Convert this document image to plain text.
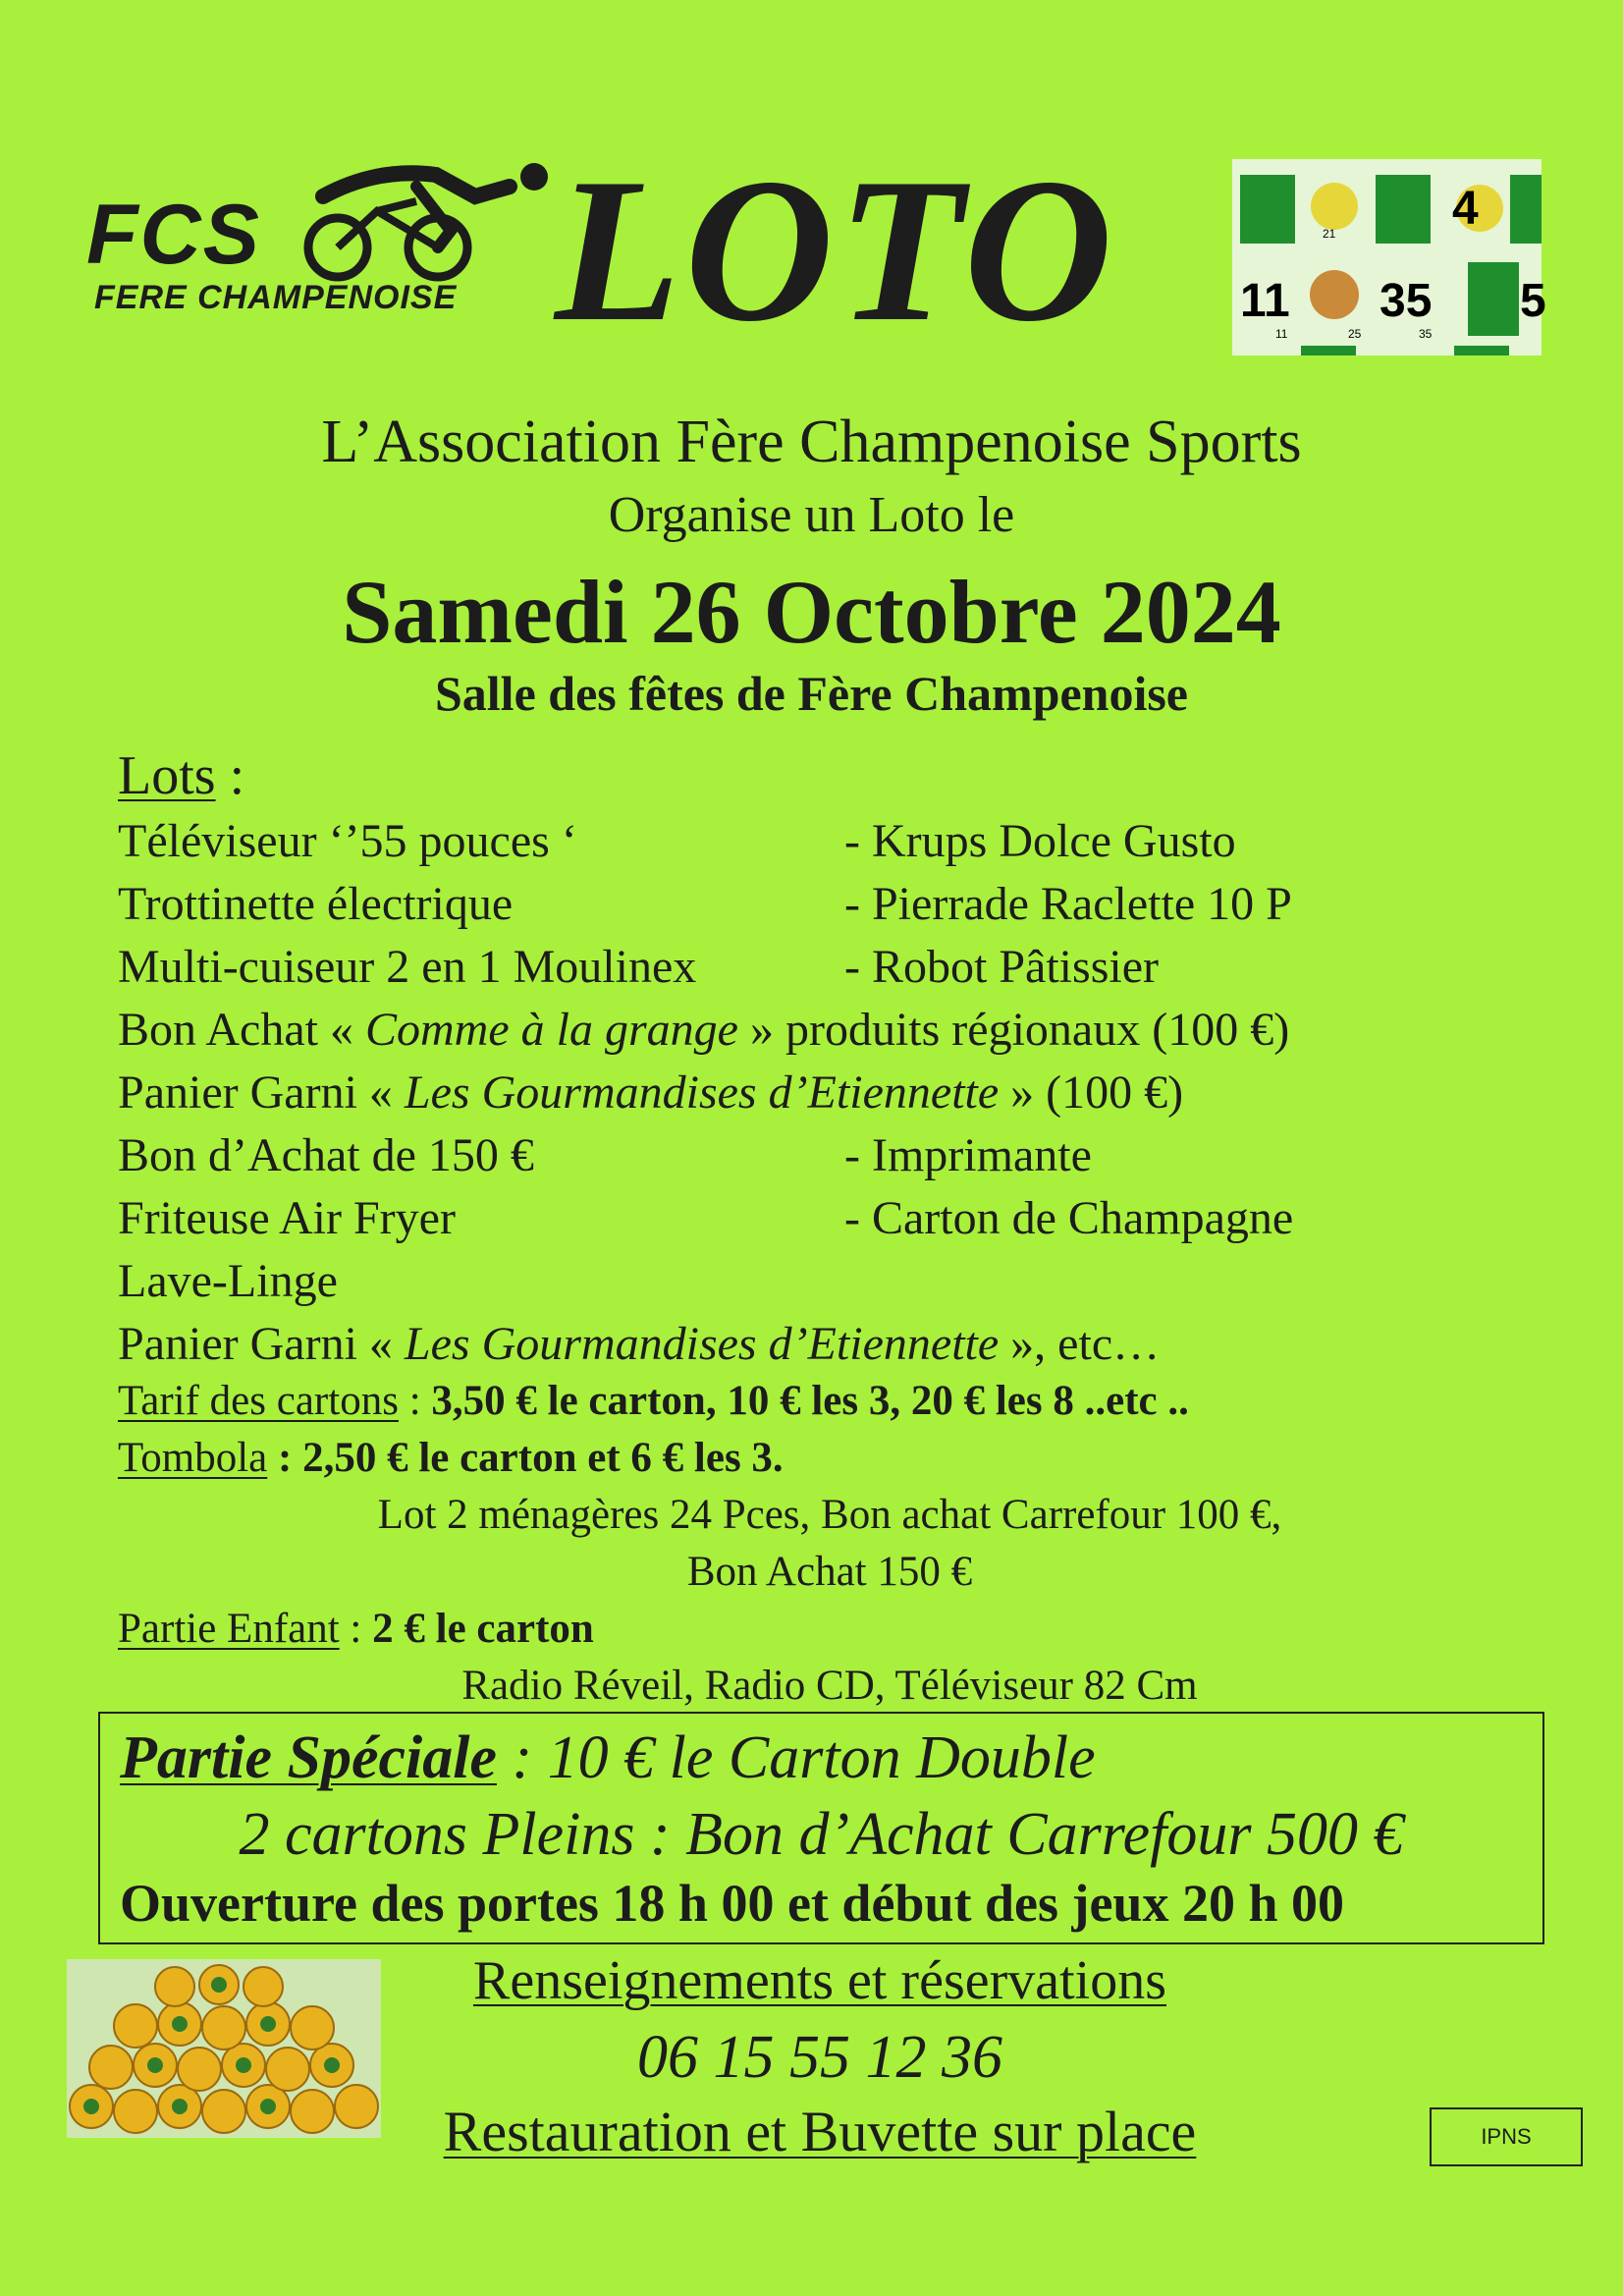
FCS
FERE CHAMPENOISE LOTO	21 4
11 35 5
11	25	35
L’Association Fère Champenoise Sports
Organise un Loto le
Samedi 26 Octobre 2024
Salle des fêtes de Fère Champenoise
Lots :
Téléviseur ‘’55 pouces ‘	- Krups Dolce Gusto
Trottinette électrique	- Pierrade Raclette 10 P
Multi-cuiseur 2 en 1 Moulinex	- Robot Pâtissier
Bon Achat « Comme à la grange » produits régionaux (100 €)
Panier Garni « Les Gourmandises d’Etiennette » (100 €)
Bon d’Achat de 150 €	- Imprimante
Friteuse Air Fryer	- Carton de Champagne
Lave-Linge
Panier Garni « Les Gourmandises d’Etiennette », etc…
Tarif des cartons : 3,50 € le carton, 10 € les 3, 20 € les 8 ..etc ..
Tombola : 2,50 € le carton et 6 € les 3.
Lot 2 ménagères 24 Pces, Bon achat Carrefour 100 €,
Bon Achat 150 €
Partie Enfant : 2 € le carton
Radio Réveil, Radio CD, Téléviseur 82 Cm
Partie Spéciale : 10 € le Carton Double
2 cartons Pleins : Bon d’Achat Carrefour 500 €
Ouverture des portes 18 h 00 et début des jeux 20 h 00
Renseignements et réservations
06 15 55 12 36
Restauration et Buvette sur place	IPNS
